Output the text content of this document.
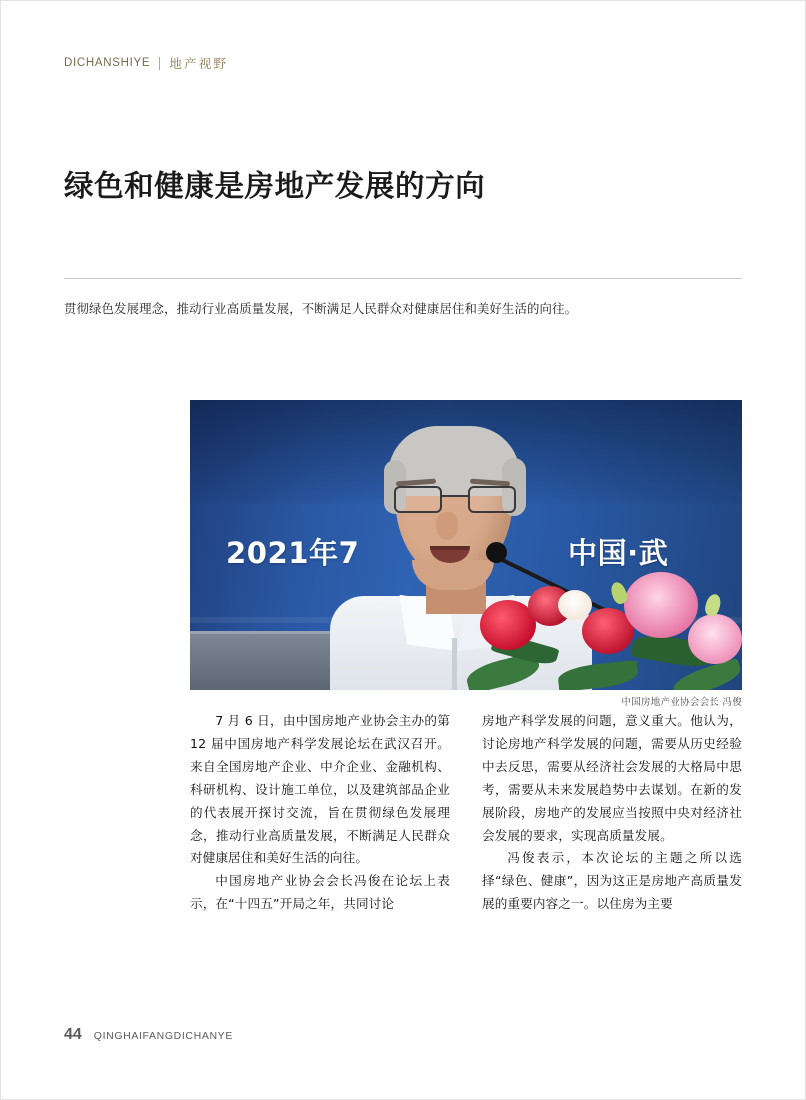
DICHANSHIYE 地产视野
绿色和健康是房地产发展的方向
贯彻绿色发展理念，推动行业高质量发展，不断满足人民群众对健康居住和美好生活的向往。
2021年7	中国·武
中国房地产业协会会长 冯俊

7 月 6 日，由中国房地产业协会主办的第 12 届中国房地产科学发展论坛在武汉召开。来自全国房地产企业、中介企业、金融机构、科研机构、设计施工单位，以及建筑部品企业的代表展开探讨交流，旨在贯彻绿色发展理念，推动行业高质量发展，不断满足人民群众对健康居住和美好生活的向往。

中国房地产业协会会长冯俊在论坛上表示，在“十四五”开局之年，共同讨论

房地产科学发展的问题，意义重大。他认为，讨论房地产科学发展的问题，需要从历史经验中去反思，需要从经济社会发展的大格局中思考，需要从未来发展趋势中去谋划。在新的发展阶段，房地产的发展应当按照中央对经济社会发展的要求，实现高质量发展。

冯俊表示，本次论坛的主题之所以选择“绿色、健康”，因为这正是房地产高质量发展的重要内容之一。以住房为主要

44 QINGHAIFANGDICHANYE
